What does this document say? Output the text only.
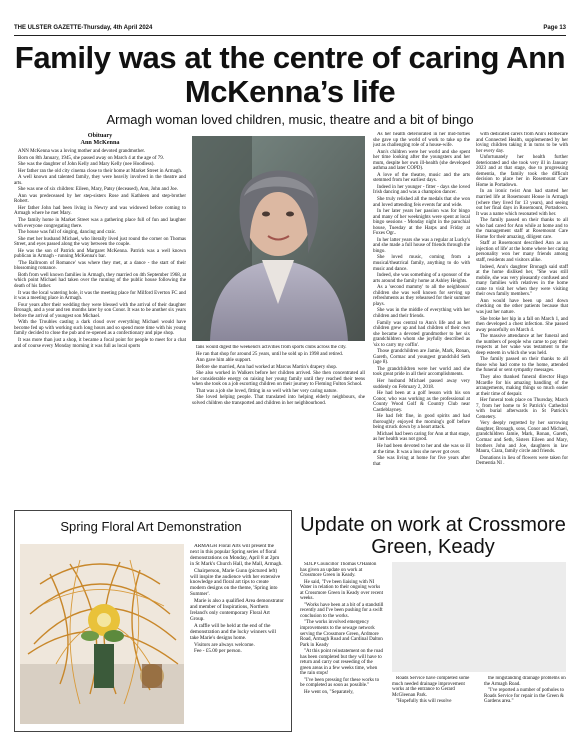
THE ULSTER GAZETTE-Thursday, 4th April 2024	Page 13
Family was at the centre of caring Ann McKenna’s life
Armagh woman loved children, music, theatre and a bit of bingo
Obituary
Ann McKenna

ANN McKenna was a loving mother and devoted grandmother.

Born on 8th January, 1945, she passed away on March 4 at the age of 79.

She was the daughter of John Kelly and Mary Kelly (nee Hoodless).

Her father ran the old city cinema close to their home at Market Street in Armagh.

A well known and talented family, they were heavily involved in the theatre and arts.

She was one of six children: Eileen, Mary, Patsy (deceased), Ann, John and Joe.

Ann was predeceased by her step-sisters Rose and Kathleen and step-brother Robert.

Her father John had been living in Newry and was widowed before coming to Armagh where he met Mary.

The family home in Market Street was a gathering place full of fun and laughter with everyone congregating there.

The house was full of singing, dancing and craic.

She met her husband Michael, who literally lived just round the corner on Thomas Street, and eyes passed along the way between the couple.

He was the son of Patrick and Margaret McKenna. Patrick was a well known publican in Armagh - running McKenna's bar.

'The Ballroom of Romance' was where they met, at a dance - the start of their blossoming romance.

Both from well known families in Armagh, they married on 4th September 1968, at which point Michael had taken over the running of the public house following the death of his father.

It was the local watering hole, it was the meeting place for Milford Everton FC and it was a meeting place in Armagh.

Four years after their wedding they were blessed with the arrival of their daughter Bronagh, and a year and ten months later by son Conor. It was to be another six years before the arrival of youngest son Michael.

With the Troubles casting a dark cloud over everything Michael would have become fed up with working such long hours and so spend more time with his young family decided to close the pub and re-opened as a confectionary and pipe shop.

It was more than just a shop, it became a focal point for people to meet for a chat and of course every Monday morning it was full as local sports	fans would digest the weekend's activities from sports clubs across the city.

He ran that shop for around 25 years, until he sold up in 1998 and retired.

Ann gave him able support.

Before she married, Ann had worked at Marcus Martin's drapery shop.

She also worked in Walkers before her children arrived. She then concentrated all her considerable energy on raising her young family until they reached their teens when she took on a job escorting children on their journey to Fleming Fulton School.

That was a job she loved, fitting in so well with her very caring nature.

She loved helping people. That translated into helping elderly neighbours, she solved children she transported and children in her neighbourhood.

As her health deteriorated in her mid-forties she gave up the world of work to take up the just as challenging role of a house-wife.

Ann's children were her world and she spent her time looking after the youngsters and her mum, despite her own ill-health (she developed asthma and later COPD).

A love of the theatre, music and the arts stemmed from her earliest days.

Indeed in her younger - fitter - days she loved Irish dancing and was a champion dancer.

She truly relished all the medals that she won and loved attending feis events far and wide.

In her later years her passion was for bingo and many of her weeknights were spent at local bingo sessions - Monday night in the parochial house, Tuesday at the Harps and Friday at Foxes Ogr..

In her latter years she was a regular at Lucky's and she made a full house of friends through the bingo.

She loved music, coming from a musical/theatrical family, anything to do with music and dance.

Indeed, she was something of a sponsor of the arts around the family home at Ashley Heights.

As a 'second mammy' to all the neighbours' children she was well known for serving up refreshments as they rehearsed for their summer plays.

She was in the middle of everything with her children and their friends.

Family was central to Ann's life and as her children grew up and had children of their own she became a devoted grandmother to her six grandchildren whom she joyfully described as 'six to carry my coffin'.

Those grandchildren are Jamie, Mark, Ronan, Gareth, Cormac and youngest grandchild Seth (age 8).

The grandchildren were her world and she took great pride in all their accomplishments.

Her husband Michael passed away very suddenly on February 2, 2018.

He had been at a golf lesson with his son Conor, who was working as the professional at County Wood Golf & Country Club near Castleblayney.

He had felt fine, in good spirits and had thoroughly enjoyed the morning's golf before being struck down by a heart attack.

Michael had been caring for Ann at that stage, as her health was not good.

He had been devoted to her and she was so ill at the time. It was a loss she never got over.

She was living at home for five years after that

with dedicated carers from Ann's Homecare and Connected Health, supplemented by her loving children taking it in turns to be with her every day.

Unfortunately her health further deteriorated and she took very ill in January 2023 and at that stage, due to progressing dementia, the family took the difficult decision to place her in Rosemount Care Home in Portadown.

In an ironic twist Ann had started her married life at Rosemount House in Armagh (where they lived for 13 years), and seeing out her final days in Rosemount, Portadown. It was a name which resonated with her.

The family passed on their thanks to all who had cared for Ann while at home and to the management staff at Rosemount Care Home for their amazing, diligent care.

Staff at Rosemount described Ann as an injection of life' at the home where her caring personality won her many friends among staff, residents and visitors alike.

Indeed, Ann's daughter Bronagh said staff at the home disliked her, "She was still mobile, she was very pleasantly confused and many families with relatives in the home came to visit her when they were visiting their own family members."

Ann would have been up and down checking on the other patients because that was just her nature.

She broke her hip in a fall on March 1, and then developed a chest infection. She passed away peacefully on March 4.

The massive attendance at her funeral and the numbers of people who came to pay their respects at her wake was testament to the deep esteem in which she was held.

The family passed on their thanks to all those who had come to the home, attended the funeral or sent sympathy messages.

They also thanked funeral director Hugo Mcardle for his amazing handling of the arrangements, making things so much easier at their time of despair.

Her funeral took place on Thursday, March 7, from her home to St Patrick's Cathedral with burial afterwards in St Patrick's Cemetery.

Very deeply regretted by her sorrowing daughter, Bronagh, sons, Conor and Michael, grandchildren Jamie, Mark, Ronan, Gareth, Cormac and Seth, Sisters Eileen and Mary, brothers John and Joe, daughters in law Maura, Ciara, family circle and friends.

Donations in lieu of flowers were taken for Dementia NI .

Spring Floral Art Demonstration

ARMAGH Floral Arts will present the next in this popular Spring series of floral demonstrations on Monday, April 8 at 2pm in St Mark's Church Hall, the Mall, Armagh.

Chairperson, Marie Gunn (pictured left) will inspire the audience with her extensive knowledge and floral art tips to create modern designs on the theme, 'Spring into Summer'.

Marie is also a qualified Area demonstrator and member of Inspirations, Northern Ireland's only contemporary Floral Art Group.

A raffle will be held at the end of the demonstration and the lucky winners will take Marie's designs home.

Visitors are always welcome.

Fee - £5.00 per person.

Update on work at Crossmore Green, Keady

SDLP Councillor Thomas O'Hanlon has given an update on work at Crossmore Green in Keady.

He said, "I've been liaising with NI Water in relation to their ongoing works at Crossmore Green in Keady over recent weeks.

"Works have been at a bit of a standstill recently and I've been pushing for a swift conclusion to the works.

"The works involved emergency improvements to the sewage network serving the Crossmore Green, Ardmore Road, Armagh Road and Cardinal Dalton Park in Keady

"At this point reinstatement on the road has been completed but they will have to return and carry out reseeding of the green areas in a few weeks time, when the rain stops!

"I've been pressing for these works to be completed as soon as possible."

He went on, "Separately,

Roads Service have completed some much needed drainage improvement works at the entrance to Gerard McGleenan Park.

"Hopefully this will resolve

the longstanding drainage problems on the Armagh Road.

"I've reported a number of potholes to Roads Service for repair in the Green & Gardens area."
